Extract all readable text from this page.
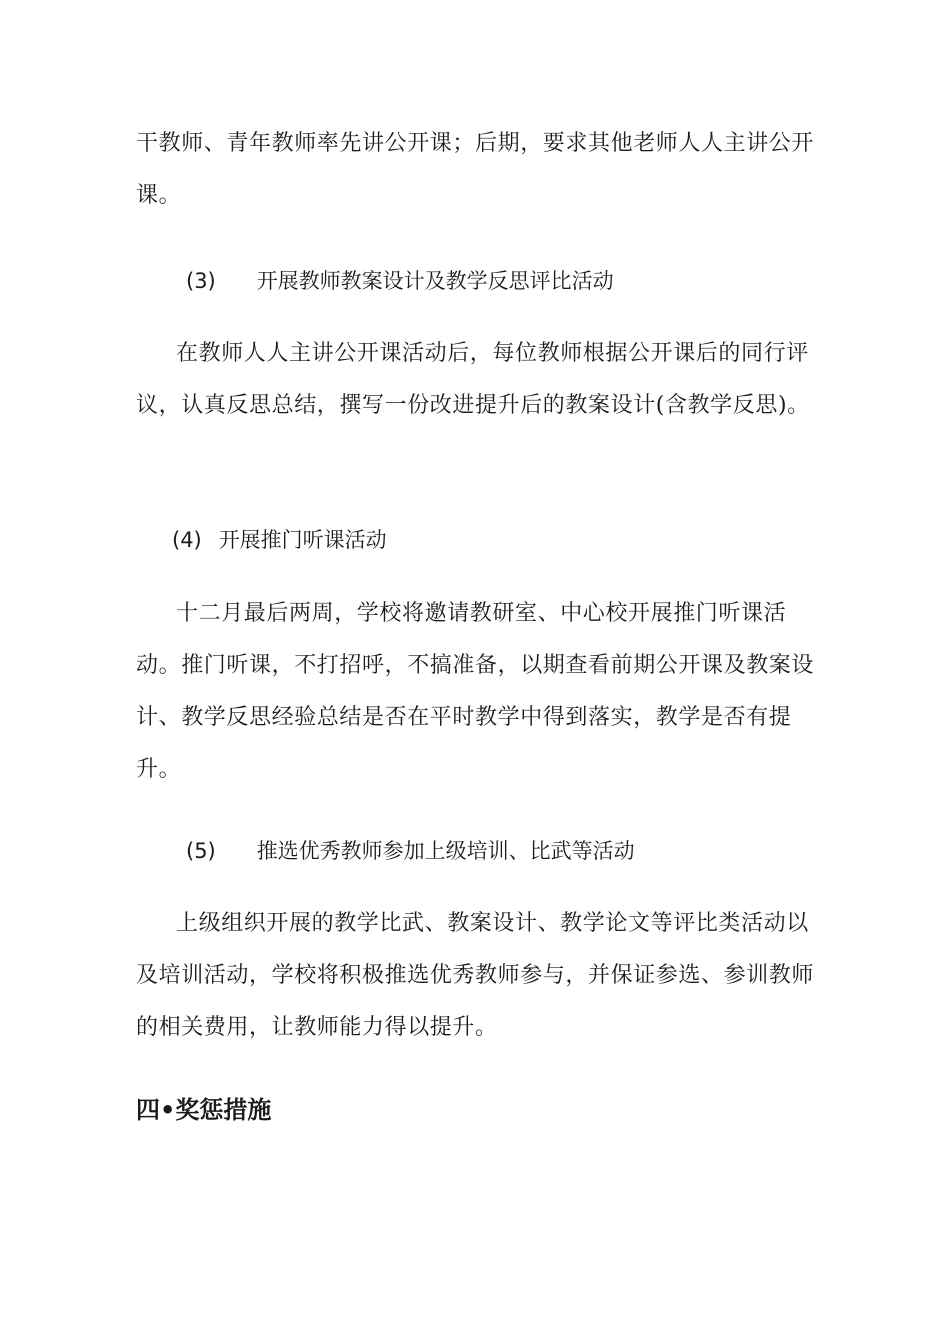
干教师、青年教师率先讲公开课；后期，要求其他老师人人主讲公开课。

(3) 开展教师教案设计及教学反思评比活动

在教师人人主讲公开课活动后，每位教师根据公开课后的同行评议，认真反思总结，撰写一份改进提升后的教案设计(含教学反思)。

(4) 开展推门听课活动

十二月最后两周，学校将邀请教研室、中心校开展推门听课活动。推门听课，不打招呼，不搞准备，以期查看前期公开课及教案设计、教学反思经验总结是否在平时教学中得到落实，教学是否有提升。

(5) 推选优秀教师参加上级培训、比武等活动

上级组织开展的教学比武、教案设计、教学论文等评比类活动以及培训活动，学校将积极推选优秀教师参与，并保证参选、参训教师的相关费用，让教师能力得以提升。

四•奖惩措施
